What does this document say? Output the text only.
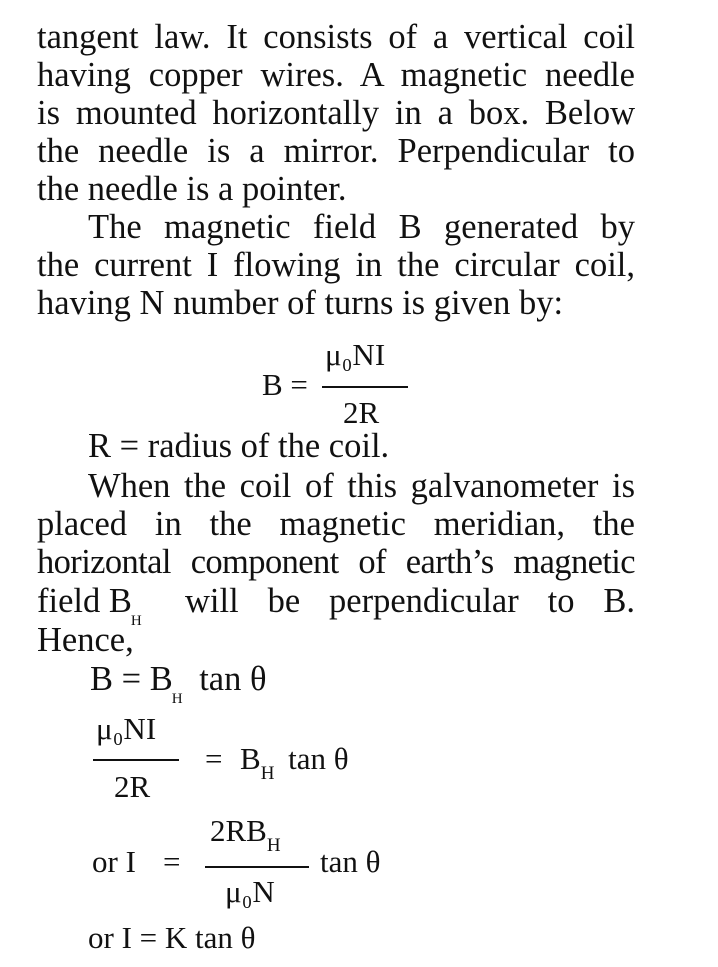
tangent law. It consists of a vertical coil
having copper wires. A magnetic needle
is mounted horizontally in a box. Below
the needle is a mirror. Perpendicular to
the needle is a pointer.
The magnetic field B generated by
the current I flowing in the circular coil,
having N number of turns is given by:
B =
μ₀NI
2R
R = radius of the coil.
When the coil of this galvanometer is
placed in the magnetic meridian, the
horizontal component of earth’s magnetic
field $B_H$
will be perpendicular to B.
Hence,
$B = B_H$ tan θ
μ₀NI
2R
= $B_H$ tan θ
or I =
$2RB_H$
μ₀N
tan θ
or I = K tan θ
